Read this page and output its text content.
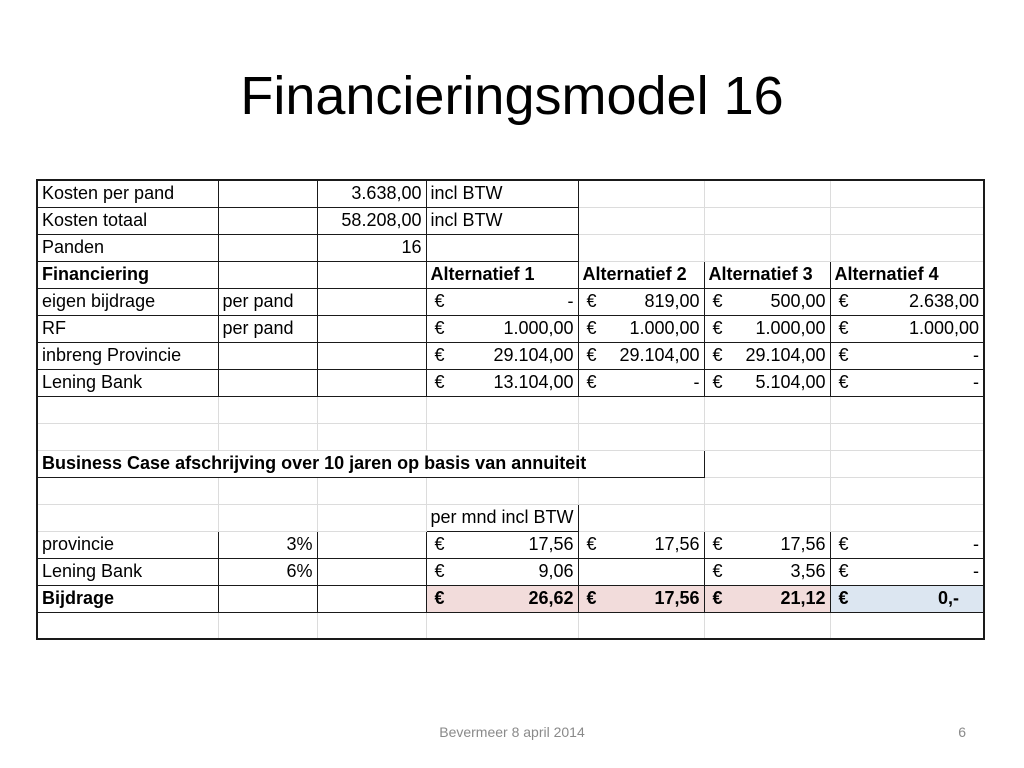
Financieringsmodel 16
Kosten per pand		3.638,00	incl BTW			
Kosten totaal		58.208,00	incl BTW			
Panden		16				
Financiering			Alternatief 1	Alternatief 2	Alternatief 3	Alternatief 4
eigen bijdrage	per pand		€ -	€ 819,00	€ 500,00	€ 2.638,00

RF	per pand		€ 1.000,00	€ 1.000,00	€ 1.000,00	€ 1.000,00

inbreng Provincie			€ 29.104,00	€ 29.104,00	€ 29.104,00	€ -

Lening Bank			€ 13.104,00	€ -	€ 5.104,00	€ -

Business Case afschrijving over 10 jaren op basis van annuiteit						

			per mnd incl BTW			
provincie	3%		€ 17,56	€ 17,56	€ 17,56	€ -

Lening Bank	6%		€ 9,06		€ 3,56	€ -

Bijdrage			€ 26,62	€ 17,56	€ 21,12	€ 0,-

Bevermeer 8 april 2014	6
